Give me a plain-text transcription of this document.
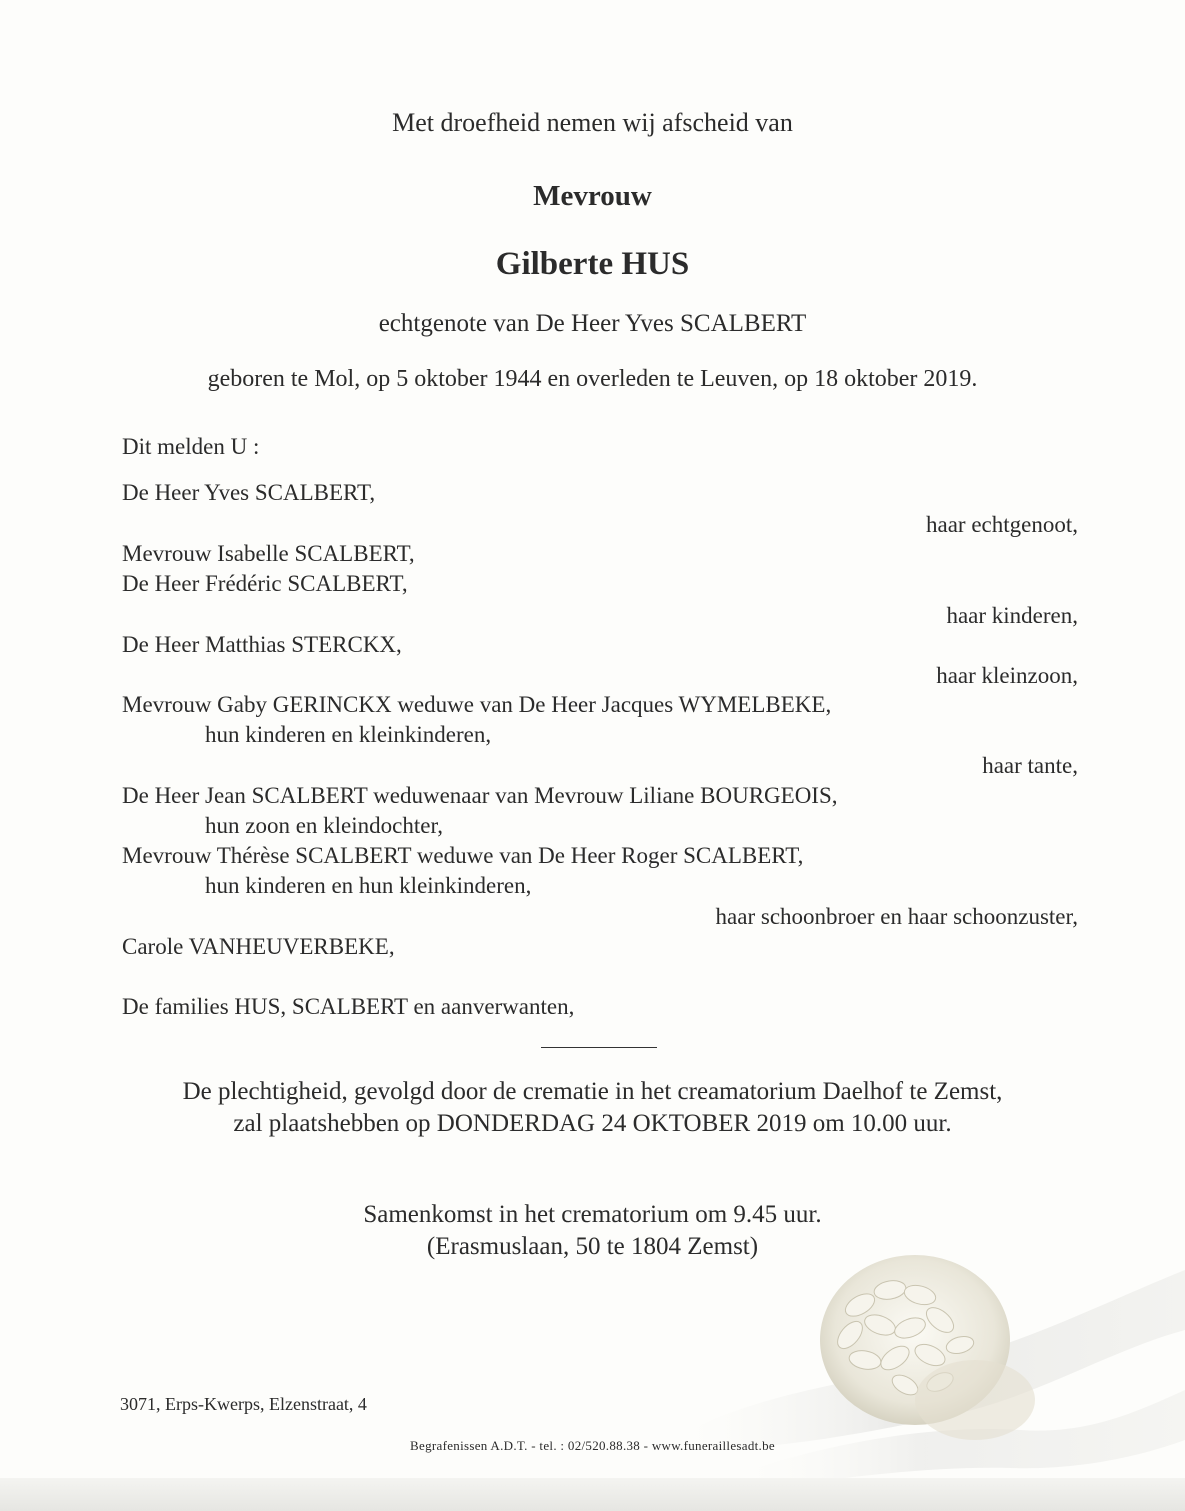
Met droefheid nemen wij afscheid van
Mevrouw
Gilberte HUS
echtgenote van De Heer Yves SCALBERT
geboren te Mol, op 5 oktober 1944 en overleden te Leuven, op 18 oktober 2019.
Dit melden U :
De Heer Yves SCALBERT,
haar echtgenoot,
Mevrouw Isabelle SCALBERT,
De Heer Frédéric SCALBERT,
haar kinderen,
De Heer Matthias STERCKX,
haar kleinzoon,
Mevrouw Gaby GERINCKX weduwe van De Heer Jacques WYMELBEKE,
hun kinderen en kleinkinderen,
haar tante,
De Heer Jean SCALBERT weduwenaar van Mevrouw Liliane BOURGEOIS,
hun zoon en kleindochter,
Mevrouw Thérèse SCALBERT weduwe van De Heer Roger SCALBERT,
hun kinderen en hun kleinkinderen,
haar schoonbroer en haar schoonzuster,
Carole VANHEUVERBEKE,
De families HUS, SCALBERT en aanverwanten,
De plechtigheid, gevolgd door de crematie in het creamatorium Daelhof te Zemst,
zal plaatshebben op DONDERDAG 24 OKTOBER 2019 om 10.00 uur.
Samenkomst in het crematorium om 9.45 uur.
(Erasmuslaan, 50 te 1804 Zemst)
3071, Erps-Kwerps, Elzenstraat, 4
Begrafenissen A.D.T. - tel. : 02/520.88.38 - www.funeraillesadt.be
